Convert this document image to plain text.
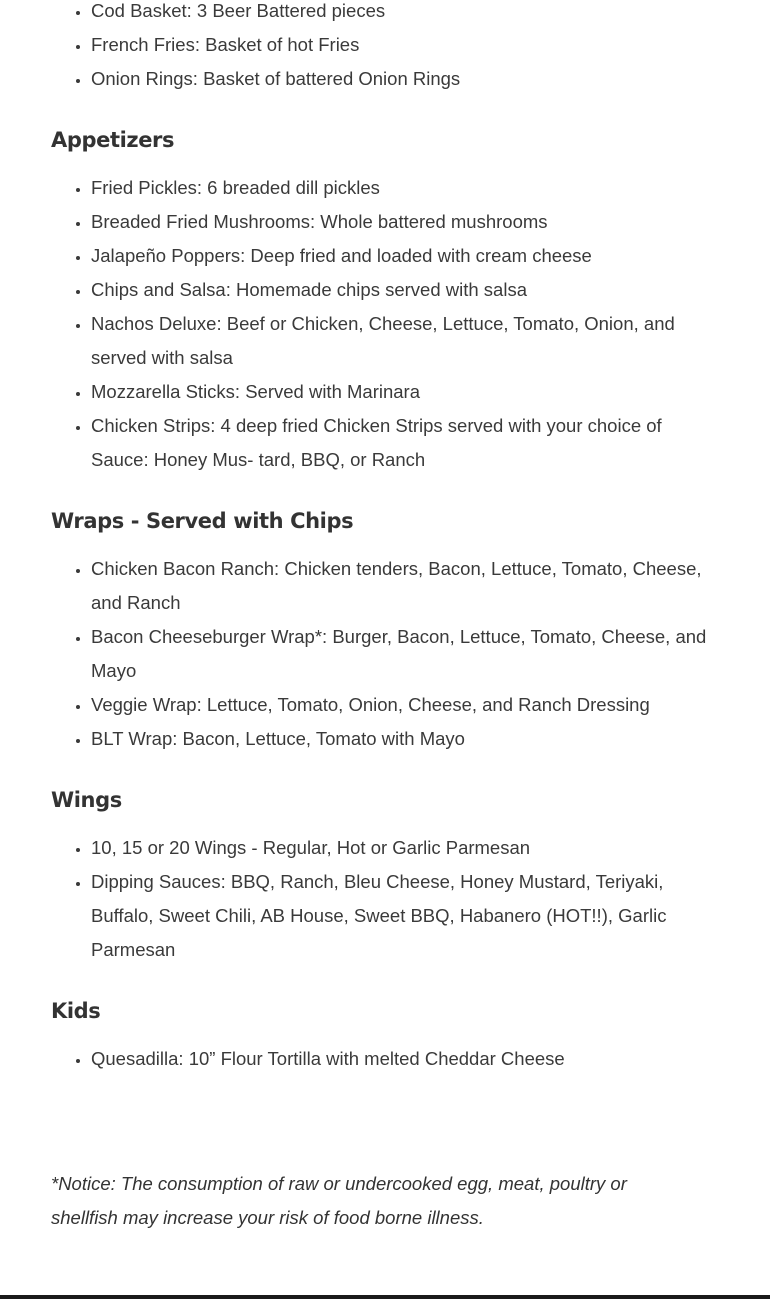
• Cod Basket: 3 Beer Battered pieces
• French Fries: Basket of hot Fries
• Onion Rings: Basket of battered Onion Rings
Appetizers
• Fried Pickles: 6 breaded dill pickles
• Breaded Fried Mushrooms: Whole battered mushrooms
• Jalapeño Poppers: Deep fried and loaded with cream cheese
• Chips and Salsa: Homemade chips served with salsa
• Nachos Deluxe: Beef or Chicken, Cheese, Lettuce, Tomato, Onion, and served with salsa
• Mozzarella Sticks: Served with Marinara
• Chicken Strips: 4 deep fried Chicken Strips served with your choice of Sauce: Honey Mus- tard, BBQ, or Ranch
Wraps - Served with Chips
• Chicken Bacon Ranch: Chicken tenders, Bacon, Lettuce, Tomato, Cheese, and Ranch
• Bacon Cheeseburger Wrap*: Burger, Bacon, Lettuce, Tomato, Cheese, and Mayo
• Veggie Wrap: Lettuce, Tomato, Onion, Cheese, and Ranch Dressing
• BLT Wrap: Bacon, Lettuce, Tomato with Mayo
Wings
• 10, 15 or 20 Wings - Regular, Hot or Garlic Parmesan
• Dipping Sauces: BBQ, Ranch, Bleu Cheese, Honey Mustard, Teriyaki, Buffalo, Sweet Chili, AB House, Sweet BBQ, Habanero (HOT!!), Garlic Parmesan
Kids
• Quesadilla: 10” Flour Tortilla with melted Cheddar Cheese

*Notice: The consumption of raw or undercooked egg, meat, poultry or shellfish may increase your risk of food borne illness.
